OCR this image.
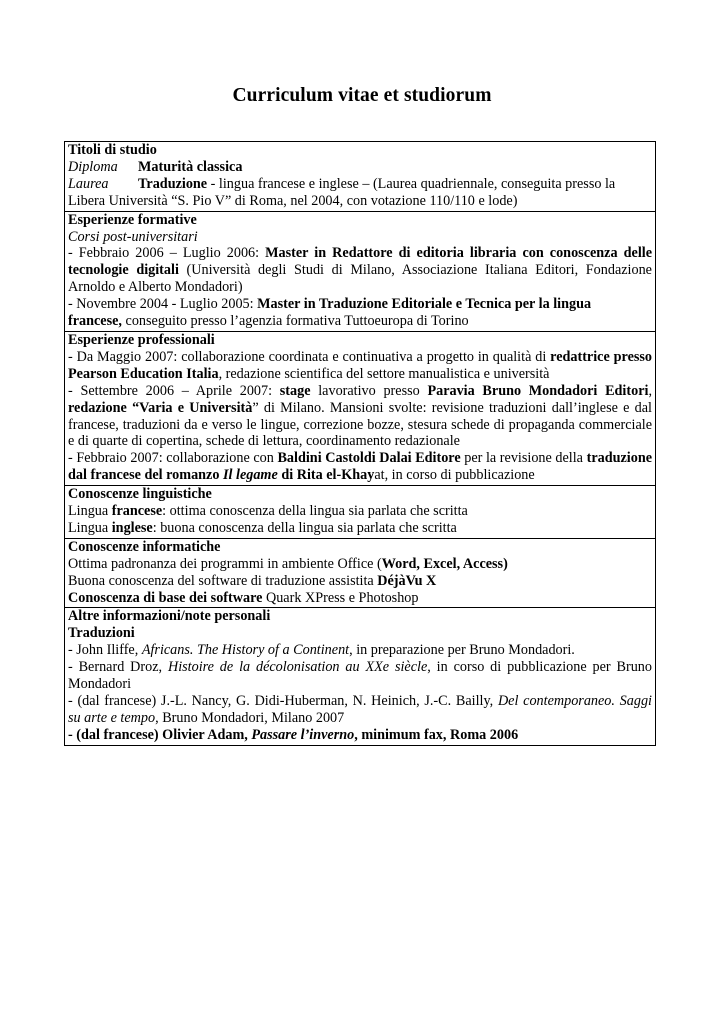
Curriculum vitae et studiorum
Titoli di studio
Diploma Maturità classica
Laurea Traduzione - lingua francese e inglese – (Laurea quadriennale, conseguita presso la
Libera Università “S. Pio V” di Roma, nel 2004, con votazione 110/110 e lode)

Esperienze formative
Corsi post-universitari
- Febbraio 2006 – Luglio 2006: Master in Redattore di editoria libraria con conoscenza delle tecnologie digitali (Università degli Studi di Milano, Associazione Italiana Editori, Fondazione Arnoldo e Alberto Mondadori)
- Novembre 2004 - Luglio 2005: Master in Traduzione Editoriale e Tecnica per la lingua
francese, conseguito presso l’agenzia formativa Tuttoeuropa di Torino

Esperienze professionali
- Da Maggio 2007: collaborazione coordinata e continuativa a progetto in qualità di redattrice presso Pearson Education Italia, redazione scientifica del settore manualistica e università
- Settembre 2006 – Aprile 2007: stage lavorativo presso Paravia Bruno Mondadori Editori, redazione “Varia e Università” di Milano. Mansioni svolte: revisione traduzioni dall’inglese e dal francese, traduzioni da e verso le lingue, correzione bozze, stesura schede di propaganda commerciale e di quarte di copertina, schede di lettura, coordinamento redazionale
- Febbraio 2007: collaborazione con Baldini Castoldi Dalai Editore per la revisione della traduzione dal francese del romanzo Il legame di Rita el-Khayat, in corso di pubblicazione

Conoscenze linguistiche
Lingua francese: ottima conoscenza della lingua sia parlata che scritta
Lingua inglese: buona conoscenza della lingua sia parlata che scritta

Conoscenze informatiche
Ottima padronanza dei programmi in ambiente Office (Word, Excel, Access)
Buona conoscenza del software di traduzione assistita DéjàVu X
Conoscenza di base dei software Quark XPress e Photoshop

Altre informazioni/note personali
Traduzioni
- John Iliffe, Africans. The History of a Continent, in preparazione per Bruno Mondadori.
- Bernard Droz, Histoire de la décolonisation au XXe siècle, in corso di pubblicazione per Bruno Mondadori
- (dal francese) J.-L. Nancy, G. Didi-Huberman, N. Heinich, J.-C. Bailly, Del contemporaneo. Saggi su arte e tempo, Bruno Mondadori, Milano 2007
- (dal francese) Olivier Adam, Passare l’inverno, minimum fax, Roma 2006
